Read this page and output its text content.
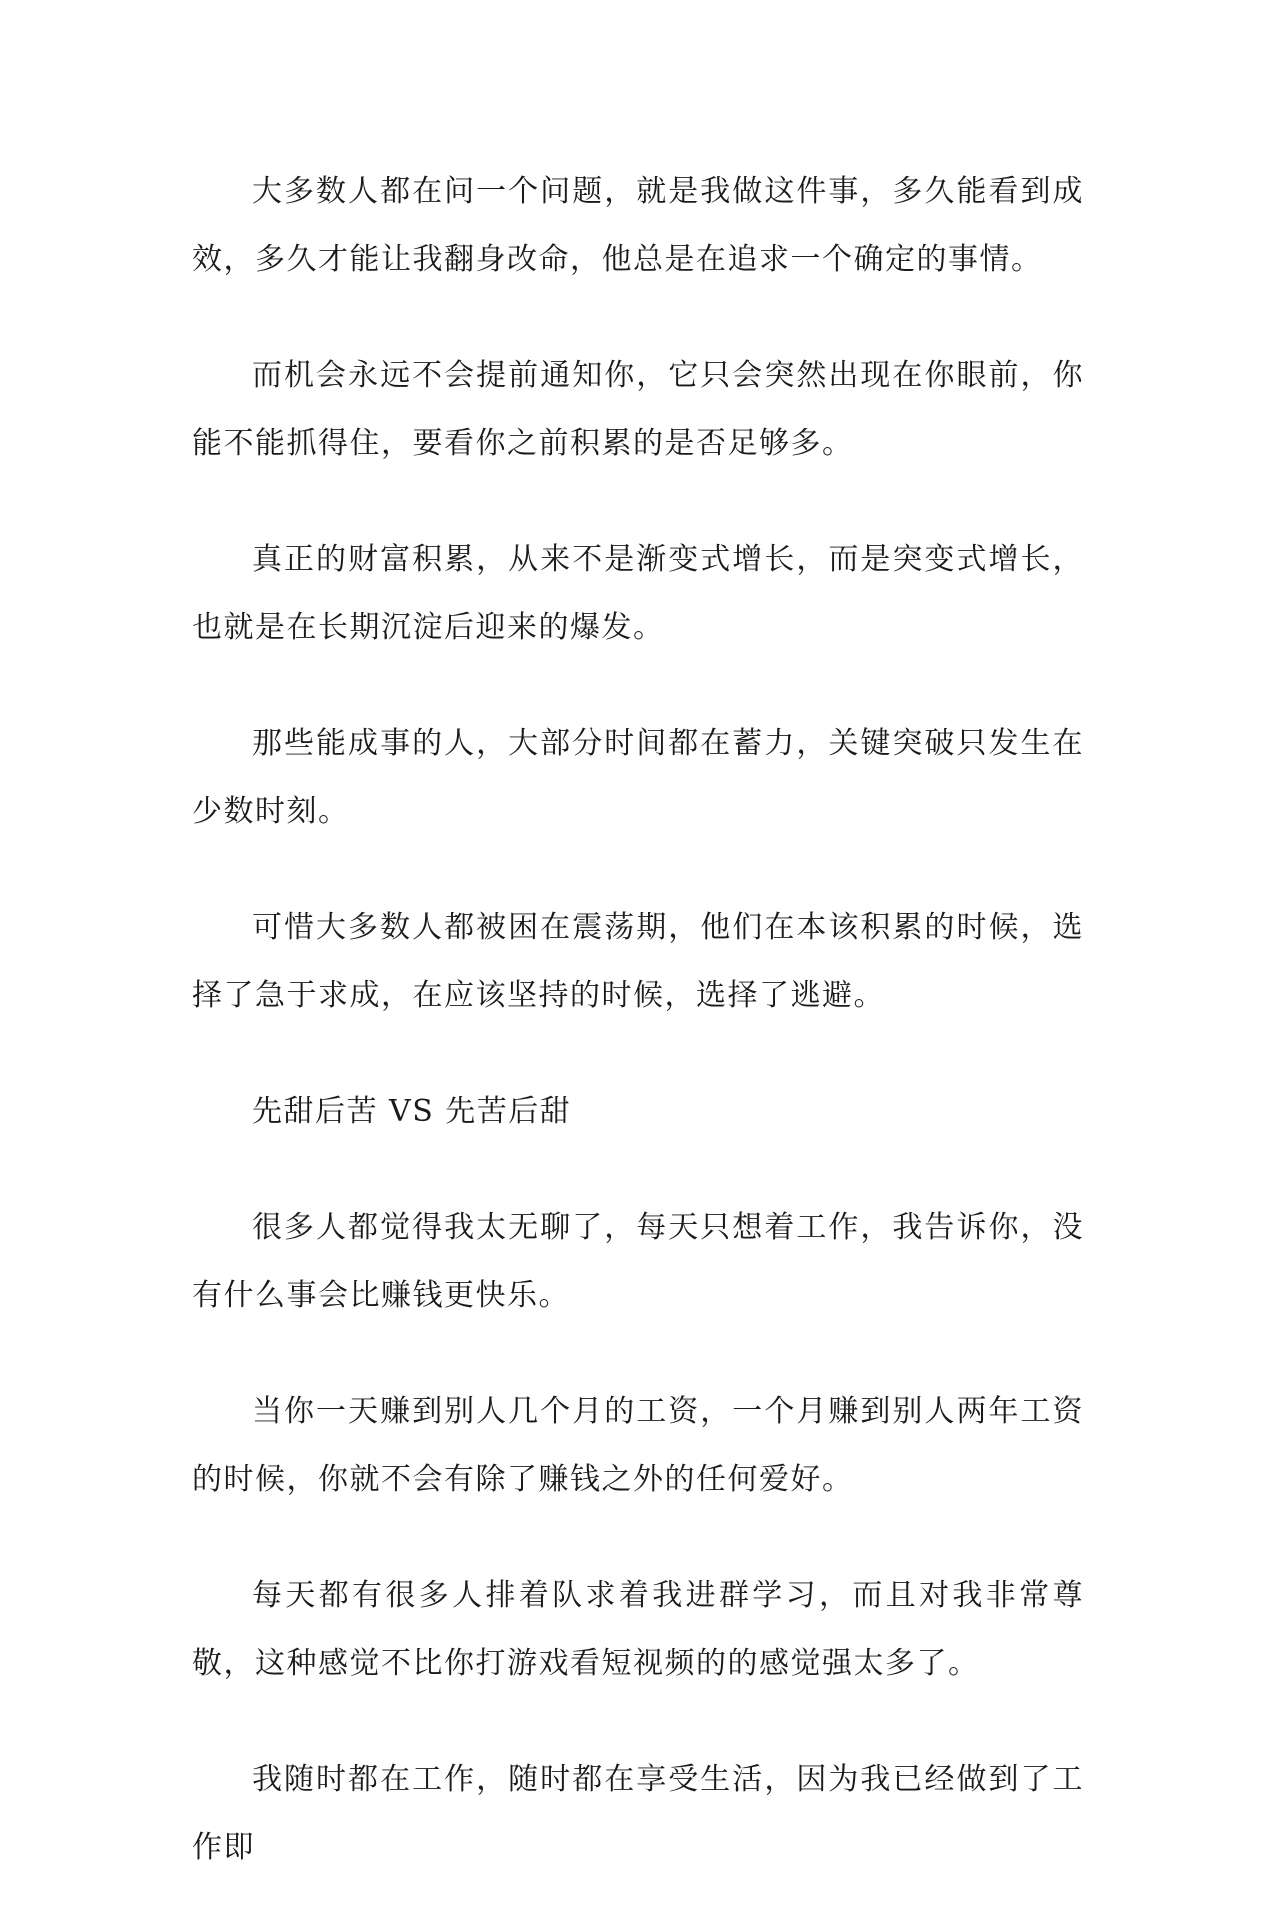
大多数人都在问一个问题，就是我做这件事，多久能看到成效，多久才能让我翻身改命，他总是在追求一个确定的事情。

而机会永远不会提前通知你，它只会突然出现在你眼前，你能不能抓得住，要看你之前积累的是否足够多。

真正的财富积累，从来不是渐变式增长，而是突变式增长，也就是在长期沉淀后迎来的爆发。

那些能成事的人，大部分时间都在蓄力，关键突破只发生在少数时刻。

可惜大多数人都被困在震荡期，他们在本该积累的时候，选择了急于求成，在应该坚持的时候，选择了逃避。

先甜后苦 VS 先苦后甜

很多人都觉得我太无聊了，每天只想着工作，我告诉你，没有什么事会比赚钱更快乐。

当你一天赚到别人几个月的工资，一个月赚到别人两年工资的时候，你就不会有除了赚钱之外的任何爱好。

每天都有很多人排着队求着我进群学习，而且对我非常尊敬，这种感觉不比你打游戏看短视频的的感觉强太多了。

我随时都在工作，随时都在享受生活，因为我已经做到了工作即
